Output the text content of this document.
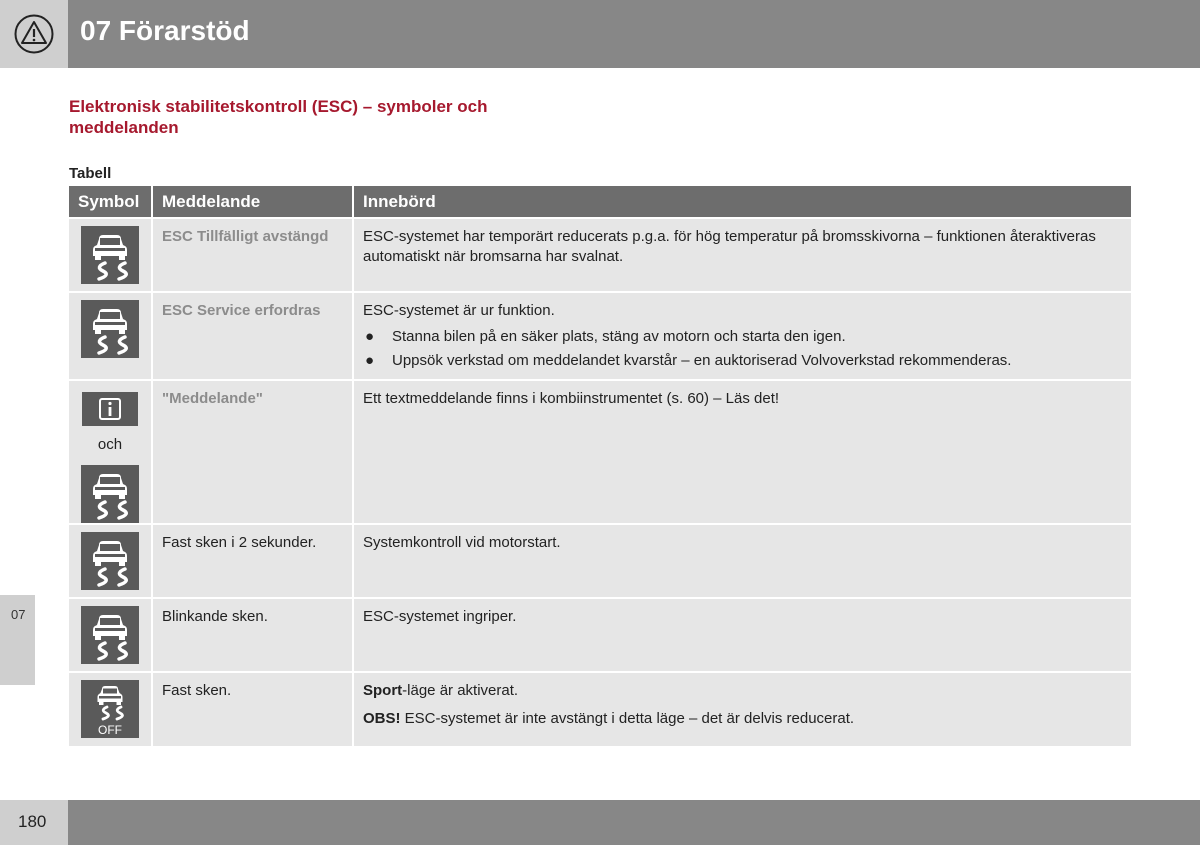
07 Förarstöd
07
180
Elektronisk stabilitetskontroll (ESC) – symboler och meddelanden
Tabell
Symbol	Meddelande	Innebörd

	ESC Tillfälligt avstängd	ESC-systemet har temporärt reducerats p.g.a. för hög temperatur på bromsskivorna – funktionen återaktiveras automatiskt när bromsarna har svalnat.

	ESC Service erfordras	ESC-systemet är ur funktion.
● Stanna bilen på en säker plats, stäng av motorn och starta den igen.
● Uppsök verkstad om meddelandet kvarstår – en auktoriserad Volvoverkstad rekommenderas.

och	"Meddelande"	Ett textmeddelande finns i kombiinstrumentet (s. 60) – Läs det!

	Fast sken i 2 sekunder.	Systemkontroll vid motorstart.

	Blinkande sken.	ESC-systemet ingriper.

OFF	Fast sken.	Sport-läge är aktiverat.
OBS! ESC-systemet är inte avstängt i detta läge – det är delvis reducerat.
